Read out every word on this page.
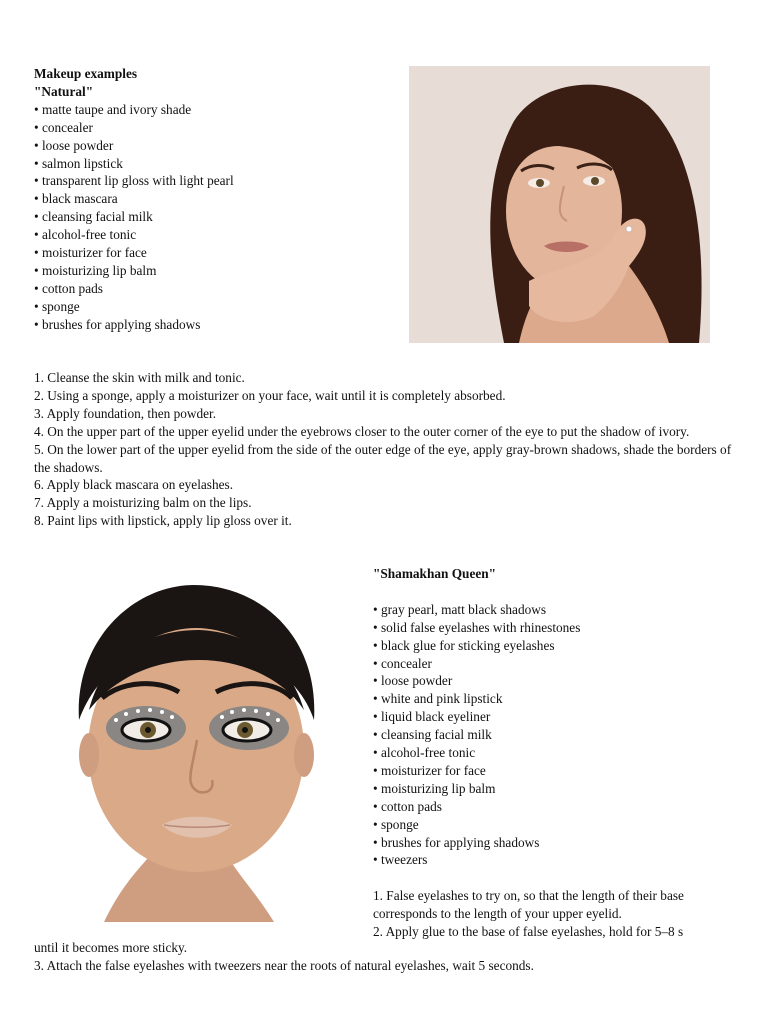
Makeup examples

"Natural"

• matte taupe and ivory shade
• concealer
• loose powder
• salmon lipstick
• transparent lip gloss with light pearl
• black mascara
• cleansing facial milk
• alcohol-free tonic
• moisturizer for face
• moisturizing lip balm
• cotton pads
• sponge
• brushes for applying shadows
1. Cleanse the skin with milk and tonic.
2. Using a sponge, apply a moisturizer on your face, wait until it is completely absorbed.
3. Apply foundation, then powder.
4. On the upper part of the upper eyelid under the eyebrows closer to the outer corner of the eye to put the shadow of ivory.
5. On the lower part of the upper eyelid from the side of the outer edge of the eye, apply gray-brown shadows, shade the borders of the shadows.
6. Apply black mascara on eyelashes.
7. Apply a moisturizing balm on the lips.
8. Paint lips with lipstick, apply lip gloss over it.

"Shamakhan Queen"

• gray pearl, matt black shadows
• solid false eyelashes with rhinestones
• black glue for sticking eyelashes
• concealer
• loose powder
• white and pink lipstick
• liquid black eyeliner
• cleansing facial milk
• alcohol-free tonic
• moisturizer for face
• moisturizing lip balm
• cotton pads
• sponge
• brushes for applying shadows
• tweezers

1. False eyelashes to try on, so that the length of their base corresponds to the length of your upper eyelid.

2. Apply glue to the base of false eyelashes, hold for 5–8 s

until it becomes more sticky.

3. Attach the false eyelashes with tweezers near the roots of natural eyelashes, wait 5 seconds.
